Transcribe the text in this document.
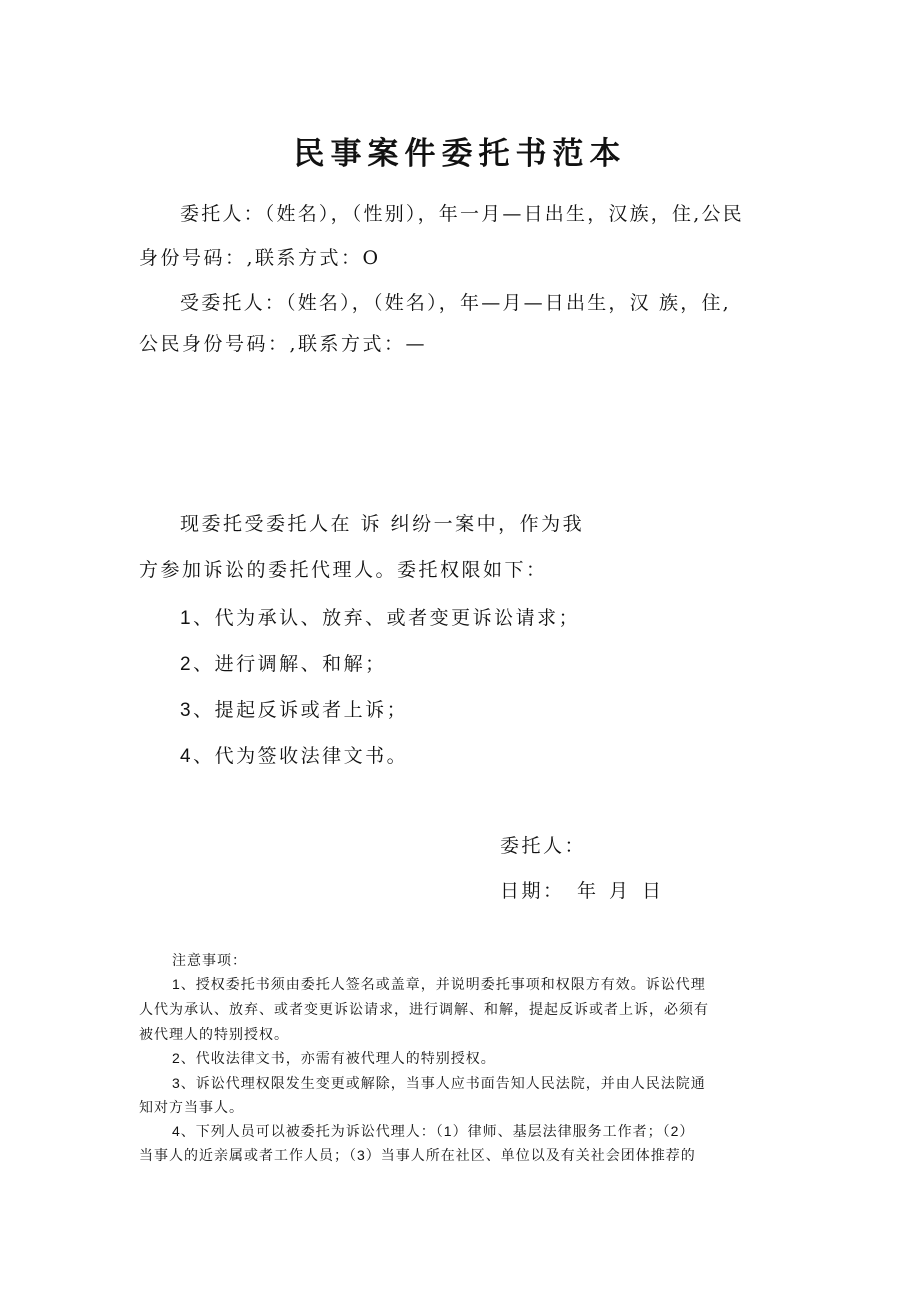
民事案件委托书范本

委托人：（姓名），（性别），年一月—日出生，汉族，住,公民

身份号码：,联系方式：O

受委托人：（姓名），（姓名），年—月—日出生，汉 族，住,

公民身份号码：,联系方式：—

现委托受委托人在 诉 纠纷一案中，作为我

方参加诉讼的委托代理人。委托权限如下：

1、代为承认、放弃、或者变更诉讼请求；

2、进行调解、和解；

3、提起反诉或者上诉；

4、代为签收法律文书。

委托人：

日期： 年 月 日

注意事项：

1、授权委托书须由委托人签名或盖章，并说明委托事项和权限方有效。诉讼代理

人代为承认、放弃、或者变更诉讼请求，进行调解、和解，提起反诉或者上诉，必须有

被代理人的特别授权。

2、代收法律文书，亦需有被代理人的特别授权。

3、诉讼代理权限发生变更或解除，当事人应书面告知人民法院，并由人民法院通

知对方当事人。

4、下列人员可以被委托为诉讼代理人：（1）律师、基层法律服务工作者；（2）

当事人的近亲属或者工作人员；（3）当事人所在社区、单位以及有关社会团体推荐的
